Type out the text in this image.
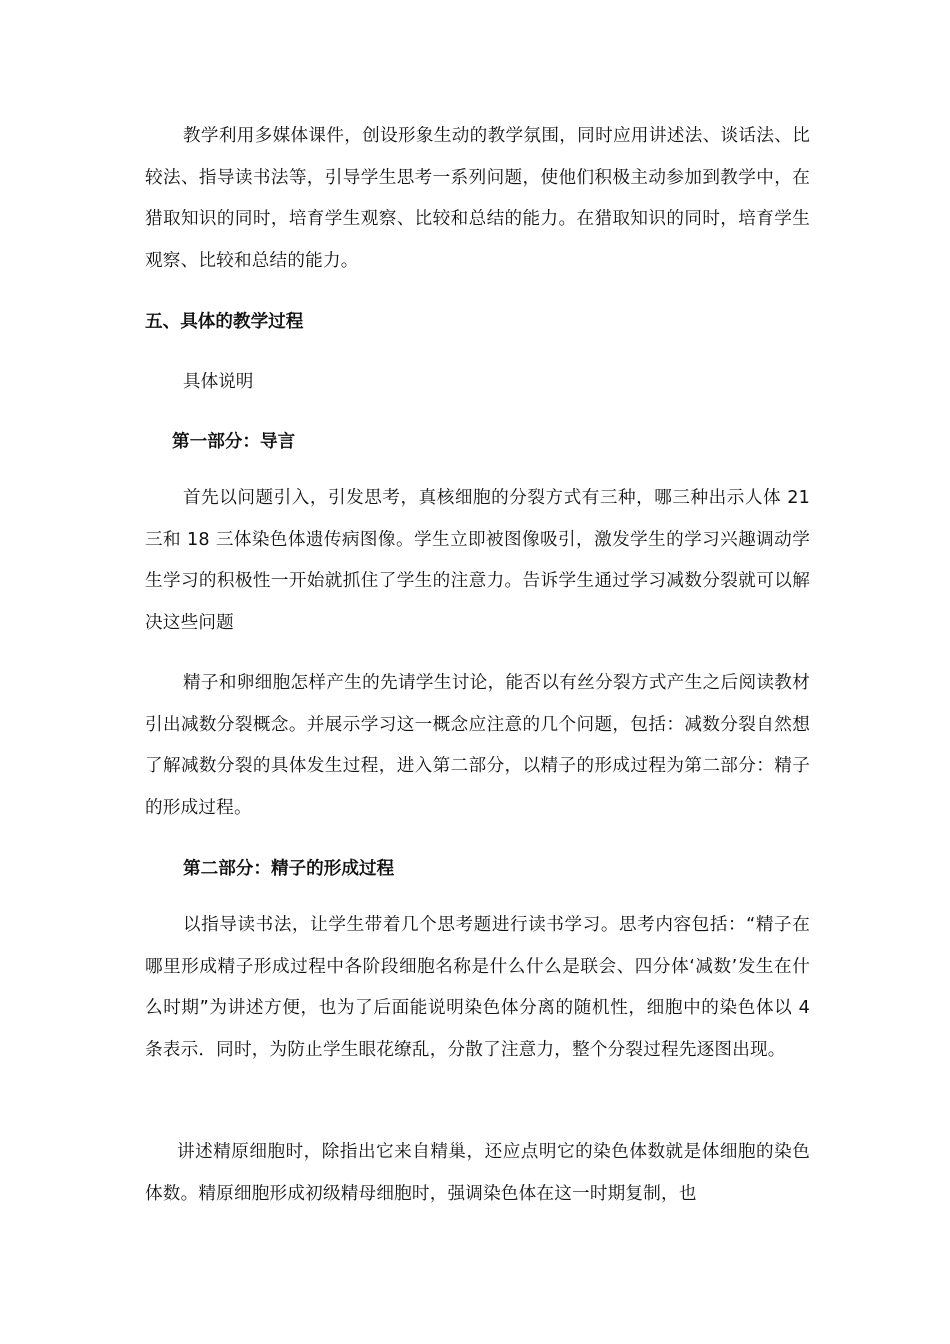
教学利用多媒体课件，创设形象生动的教学氛围，同时应用讲述法、谈话法、比较法、指导读书法等，引导学生思考一系列问题，使他们积极主动参加到教学中，在猎取知识的同时，培育学生观察、比较和总结的能力。在猎取知识的同时，培育学生观察、比较和总结的能力。

五、具体的教学过程

具体说明

第一部分：导言

首先以问题引入，引发思考，真核细胞的分裂方式有三种，哪三种出示人体 21 三和 18 三体染色体遗传病图像。学生立即被图像吸引，激发学生的学习兴趣调动学生学习的积极性一开始就抓住了学生的注意力。告诉学生通过学习减数分裂就可以解决这些问题

精子和卵细胞怎样产生的先请学生讨论，能否以有丝分裂方式产生之后阅读教材引出减数分裂概念。并展示学习这一概念应注意的几个问题，包括：减数分裂自然想了解减数分裂的具体发生过程，进入第二部分，以精子的形成过程为第二部分：精子的形成过程。

第二部分：精子的形成过程

以指导读书法，让学生带着几个思考题进行读书学习。思考内容包括：“精子在哪里形成精子形成过程中各阶段细胞名称是什么什么是联会、四分体‘减数’发生在什么时期”为讲述方便，也为了后面能说明染色体分离的随机性，细胞中的染色体以 4 条表示．同时，为防止学生眼花缭乱，分散了注意力，整个分裂过程先逐图出现。

讲述精原细胞时，除指出它来自精巢，还应点明它的染色体数就是体细胞的染色体数。精原细胞形成初级精母细胞时，强调染色体在这一时期复制，也
